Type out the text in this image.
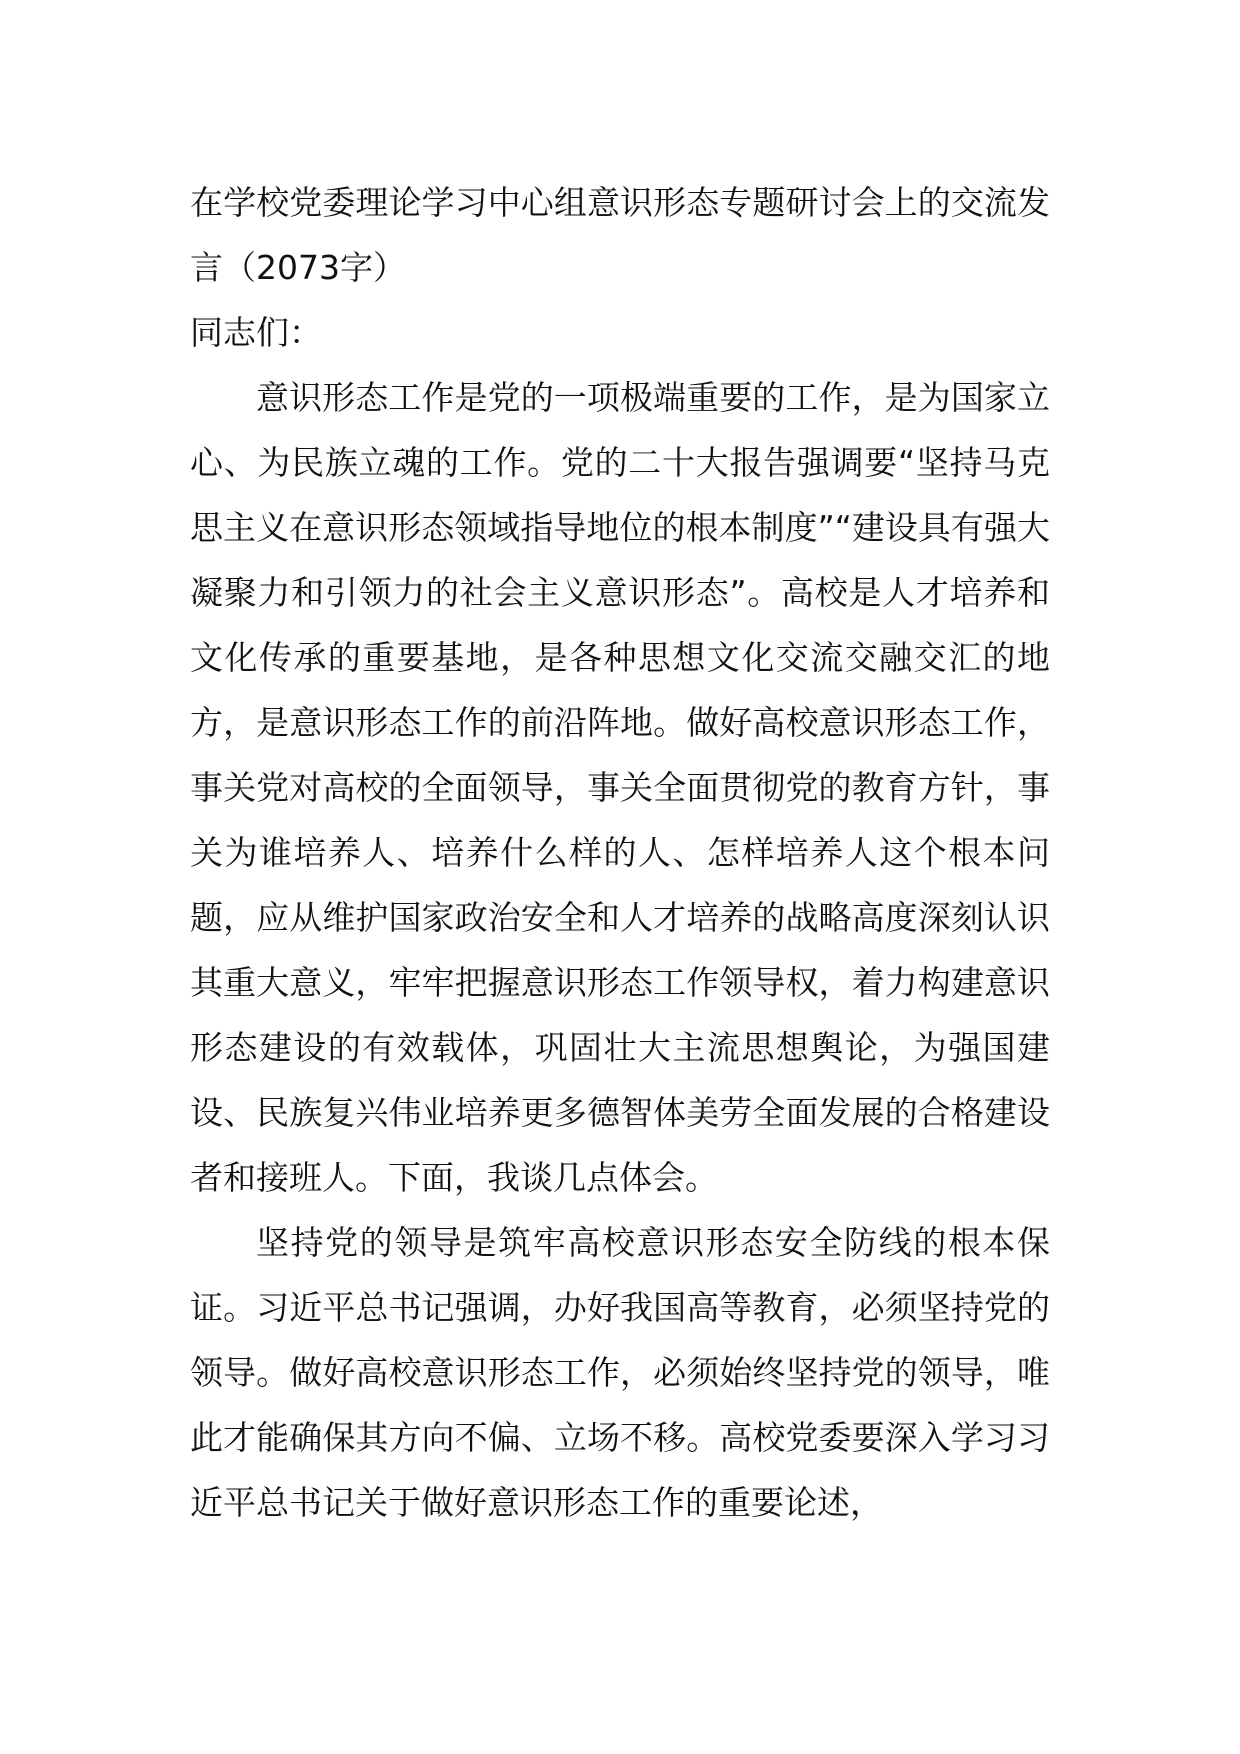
在学校党委理论学习中心组意识形态专题研讨会上的交流发言（2073字）

同志们：

意识形态工作是党的一项极端重要的工作，是为国家立心、为民族立魂的工作。党的二十大报告强调要“坚持马克思主义在意识形态领域指导地位的根本制度”“建设具有强大凝聚力和引领力的社会主义意识形态”。高校是人才培养和文化传承的重要基地，是各种思想文化交流交融交汇的地方，是意识形态工作的前沿阵地。做好高校意识形态工作，事关党对高校的全面领导，事关全面贯彻党的教育方针，事关为谁培养人、培养什么样的人、怎样培养人这个根本问题，应从维护国家政治安全和人才培养的战略高度深刻认识其重大意义，牢牢把握意识形态工作领导权，着力构建意识形态建设的有效载体，巩固壮大主流思想舆论，为强国建设、民族复兴伟业培养更多德智体美劳全面发展的合格建设者和接班人。下面，我谈几点体会。

坚持党的领导是筑牢高校意识形态安全防线的根本保证。习近平总书记强调，办好我国高等教育，必须坚持党的领导。做好高校意识形态工作，必须始终坚持党的领导，唯此才能确保其方向不偏、立场不移。高校党委要深入学习习近平总书记关于做好意识形态工作的重要论述，
